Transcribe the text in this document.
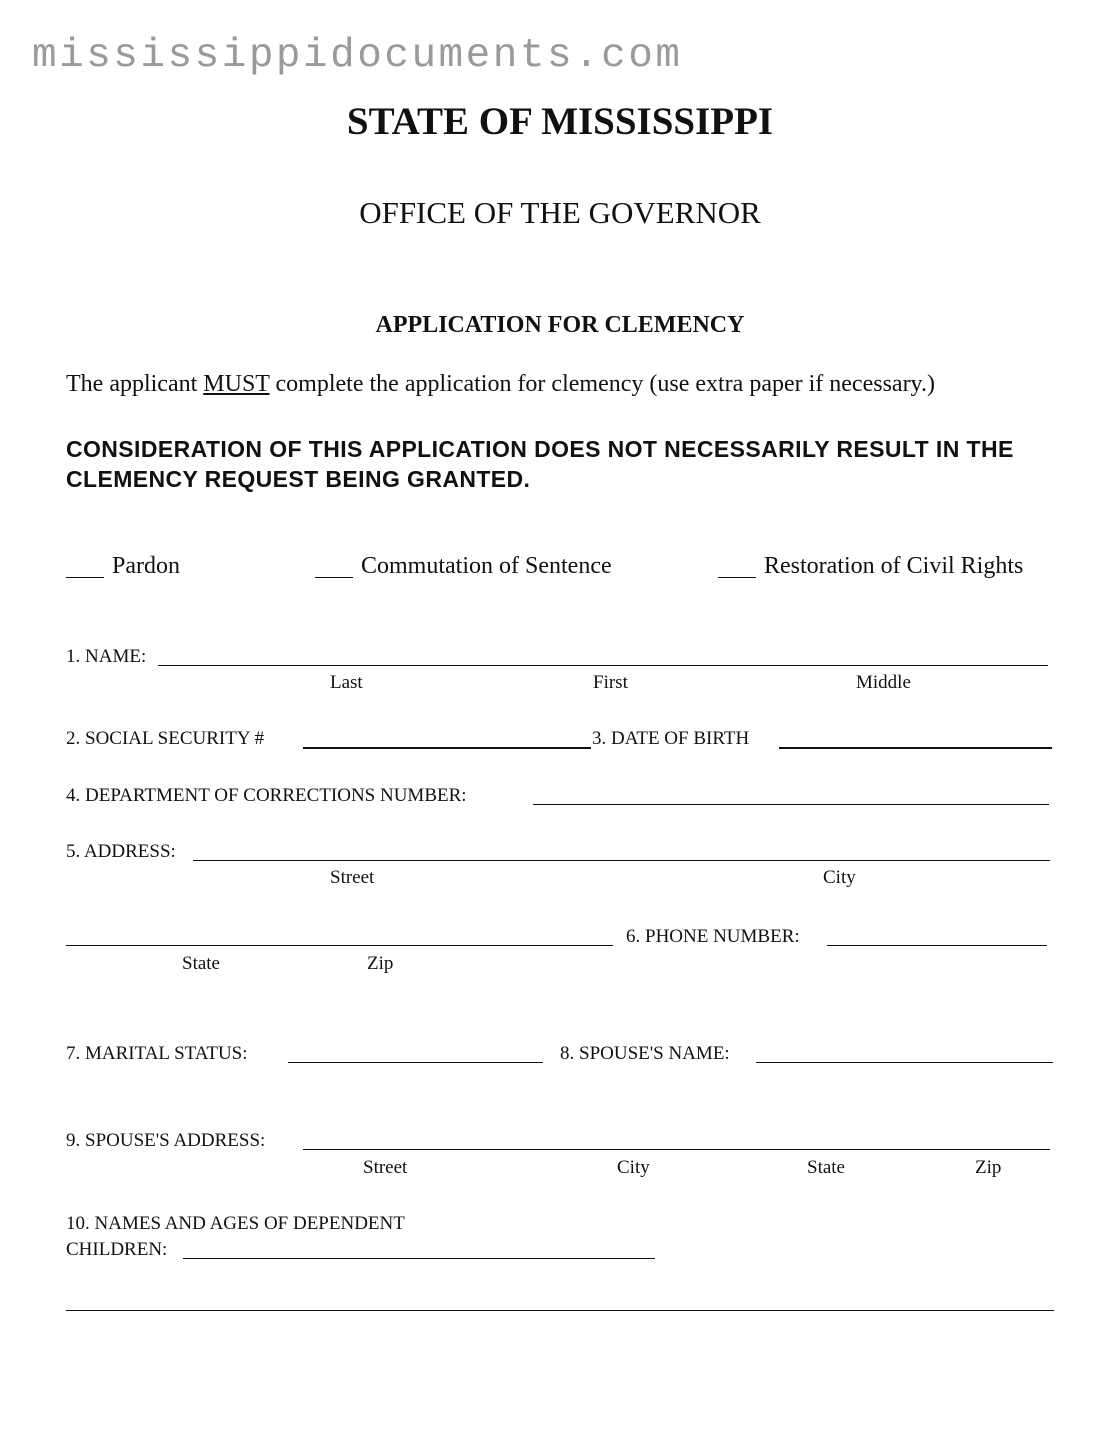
mississippidocuments.com
STATE OF MISSISSIPPI
OFFICE OF THE GOVERNOR
APPLICATION FOR CLEMENCY
The applicant MUST complete the application for clemency (use extra paper if necessary.)
CONSIDERATION OF THIS APPLICATION DOES NOT NECESSARILY RESULT IN THE CLEMENCY REQUEST BEING GRANTED.
Pardon	Commutation of Sentence	Restoration of Civil Rights
1. NAME:
Last	First	Middle
2. SOCIAL SECURITY #	3. DATE OF BIRTH
4. DEPARTMENT OF CORRECTIONS NUMBER:
5. ADDRESS:
Street	City
State	Zip
6. PHONE NUMBER:
7. MARITAL STATUS:	8. SPOUSE'S NAME:
9. SPOUSE'S ADDRESS:
Street	City	State	Zip
10. NAMES AND AGES OF DEPENDENT
CHILDREN:
